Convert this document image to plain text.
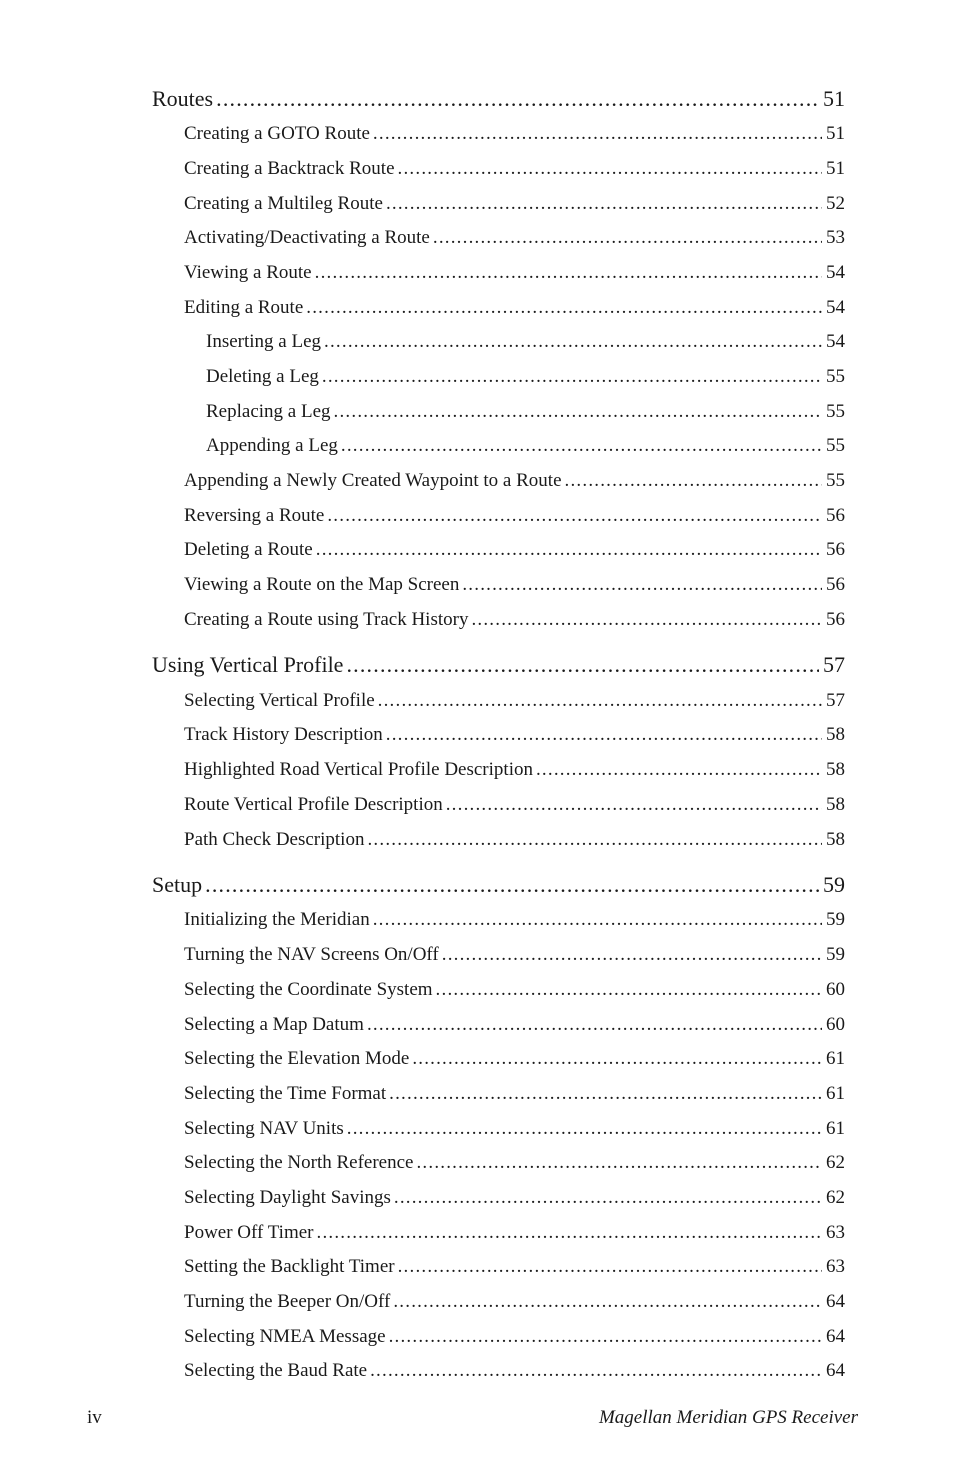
Routes .....	51
Creating a GOTO Route .....	51
Creating a Backtrack Route .....	51
Creating a Multileg Route .....	52
Activating/Deactivating a Route .....	53
Viewing a Route .....	54
Editing a Route .....	54
Inserting a Leg .....	54
Deleting a Leg .....	55
Replacing a Leg .....	55
Appending a Leg .....	55
Appending a Newly Created Waypoint to a Route .....	55
Reversing a Route .....	56
Deleting a Route .....	56
Viewing a Route on the Map Screen .....	56
Creating a Route using Track History .....	56
Using Vertical Profile .....	57
Selecting Vertical Profile .....	57
Track History Description .....	58
Highlighted Road Vertical Profile Description .....	58
Route Vertical Profile Description .....	58
Path Check Description .....	58
Setup .....	59
Initializing the Meridian .....	59
Turning the NAV Screens On/Off .....	59
Selecting the Coordinate System .....	60
Selecting a Map Datum .....	60
Selecting the Elevation Mode .....	61
Selecting the Time Format .....	61
Selecting NAV Units .....	61
Selecting the North Reference .....	62
Selecting Daylight Savings .....	62
Power Off Timer .....	63
Setting the Backlight Timer .....	63
Turning the Beeper On/Off .....	64
Selecting NMEA Message .....	64
Selecting the Baud Rate .....	64
iv	Magellan Meridian GPS Receiver
